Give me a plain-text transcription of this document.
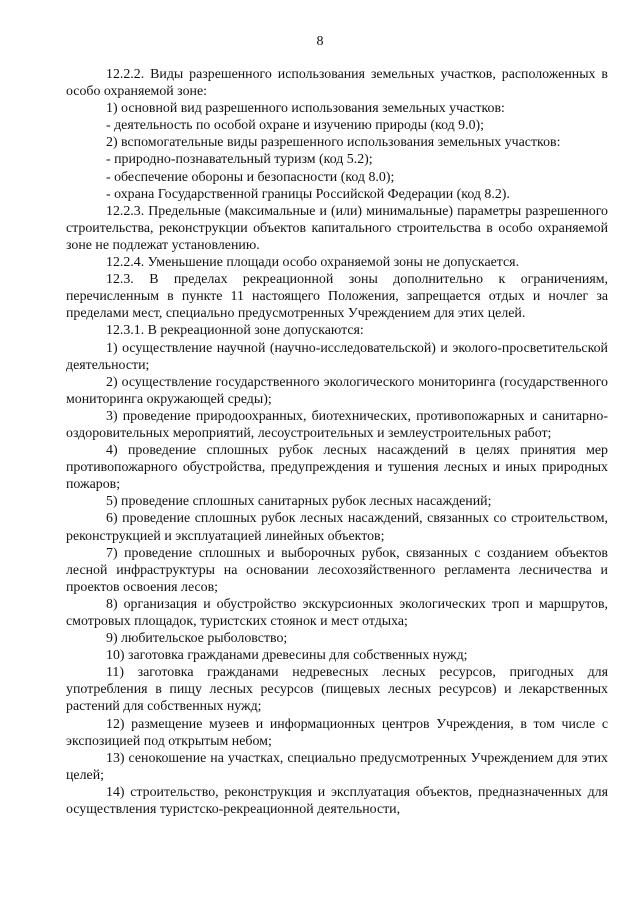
8

12.2.2. Виды разрешенного использования земельных участков, расположенных в особо охраняемой зоне:

1) основной вид разрешенного использования земельных участков:

- деятельность по особой охране и изучению природы (код 9.0);

2) вспомогательные виды разрешенного использования земельных участков:

- природно-познавательный туризм (код 5.2);

- обеспечение обороны и безопасности (код 8.0);

- охрана Государственной границы Российской Федерации (код 8.2).

12.2.3. Предельные (максимальные и (или) минимальные) параметры разрешенного строительства, реконструкции объектов капитального строительства в особо охраняемой зоне не подлежат установлению.

12.2.4. Уменьшение площади особо охраняемой зоны не допускается.

12.3. В пределах рекреационной зоны дополнительно к ограничениям, перечисленным в пункте 11 настоящего Положения, запрещается отдых и ночлег за пределами мест, специально предусмотренных Учреждением для этих целей.

12.3.1. В рекреационной зоне допускаются:

1) осуществление научной (научно-исследовательской) и эколого-просветительской деятельности;

2) осуществление государственного экологического мониторинга (государственного мониторинга окружающей среды);

3) проведение природоохранных, биотехнических, противопожарных и санитарно-оздоровительных мероприятий, лесоустроительных и землеустроительных работ;

4) проведение сплошных рубок лесных насаждений в целях принятия мер противопожарного обустройства, предупреждения и тушения лесных и иных природных пожаров;

5) проведение сплошных санитарных рубок лесных насаждений;

6) проведение сплошных рубок лесных насаждений, связанных со строительством, реконструкцией и эксплуатацией линейных объектов;

7) проведение сплошных и выборочных рубок, связанных с созданием объектов лесной инфраструктуры на основании лесохозяйственного регламента лесничества и проектов освоения лесов;

8) организация и обустройство экскурсионных экологических троп и маршрутов, смотровых площадок, туристских стоянок и мест отдыха;

9) любительское рыболовство;

10) заготовка гражданами древесины для собственных нужд;

11) заготовка гражданами недревесных лесных ресурсов, пригодных для употребления в пищу лесных ресурсов (пищевых лесных ресурсов) и лекарственных растений для собственных нужд;

12) размещение музеев и информационных центров Учреждения, в том числе с экспозицией под открытым небом;

13) сенокошение на участках, специально предусмотренных Учреждением для этих целей;

14) строительство, реконструкция и эксплуатация объектов, предназначенных для осуществления туристско-рекреационной деятельности,
